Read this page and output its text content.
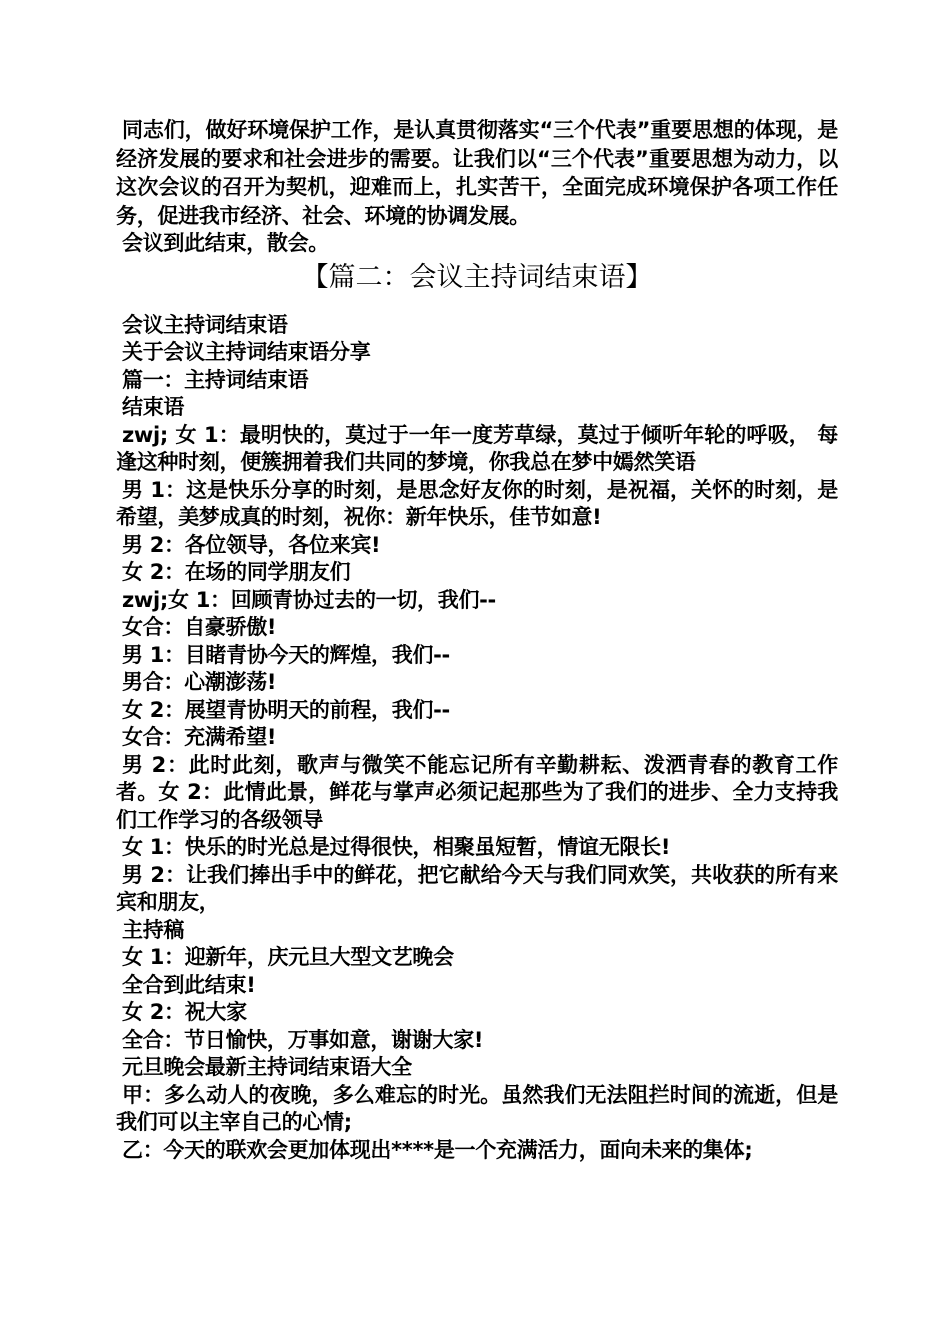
同志们，做好环境保护工作，是认真贯彻落实“三个代表”重要思想的体现，是经济发展的要求和社会进步的需要。让我们以“三个代表”重要思想为动力，以这次会议的召开为契机，迎难而上，扎实苦干，全面完成环境保护各项工作任务，促进我市经济、社会、环境的协调发展。

会议到此结束，散会。

【篇二：会议主持词结束语】

会议主持词结束语

关于会议主持词结束语分享

篇一：主持词结束语

结束语

zwj; 女 1：最明快的，莫过于一年一度芳草绿，莫过于倾听年轮的呼吸， 每逢这种时刻，便簇拥着我们共同的梦境，你我总在梦中嫣然笑语

男 1：这是快乐分享的时刻，是思念好友你的时刻，是祝福，关怀的时刻，是希望，美梦成真的时刻，祝你：新年快乐，佳节如意!

男 2：各位领导，各位来宾!

女 2：在场的同学朋友们

zwj;女 1：回顾青协过去的一切，我们--

女合：自豪骄傲!

男 1：目睹青协今天的辉煌，我们--

男合：心潮澎荡!

女 2：展望青协明天的前程，我们--

女合：充满希望!

男 2：此时此刻，歌声与微笑不能忘记所有辛勤耕耘、泼洒青春的教育工作者。女 2：此情此景，鲜花与掌声必须记起那些为了我们的进步、全力支持我们工作学习的各级领导

女 1：快乐的时光总是过得很快，相聚虽短暂，情谊无限长!

男 2：让我们捧出手中的鲜花，把它献给今天与我们同欢笑，共收获的所有来宾和朋友，

主持稿

女 1：迎新年，庆元旦大型文艺晚会

全合到此结束!

女 2：祝大家

全合：节日愉快，万事如意，谢谢大家!

元旦晚会最新主持词结束语大全

甲：多么动人的夜晚，多么难忘的时光。虽然我们无法阻拦时间的流逝，但是我们可以主宰自己的心情;

乙：今天的联欢会更加体现出****是一个充满活力，面向未来的集体;
